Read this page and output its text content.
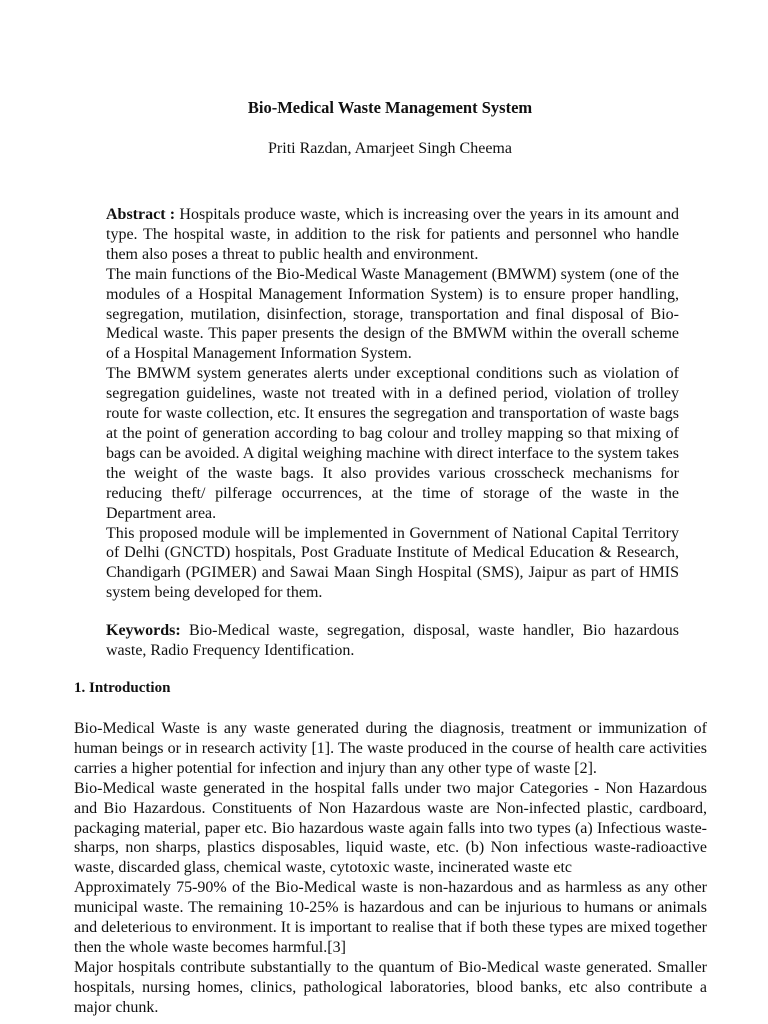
Bio-Medical Waste Management System

Priti Razdan, Amarjeet Singh Cheema

Abstract : Hospitals produce waste, which is increasing over the years in its amount and type. The hospital waste, in addition to the risk for patients and personnel who handle them also poses a threat to public health and environment.

The main functions of the Bio-Medical Waste Management (BMWM) system (one of the modules of a Hospital Management Information System) is to ensure proper handling, segregation, mutilation, disinfection, storage, transportation and final disposal of Bio-Medical waste. This paper presents the design of the BMWM within the overall scheme of a Hospital Management Information System.

The BMWM system generates alerts under exceptional conditions such as violation of segregation guidelines, waste not treated with in a defined period, violation of trolley route for waste collection, etc. It ensures the segregation and transportation of waste bags at the point of generation according to bag colour and trolley mapping so that mixing of bags can be avoided. A digital weighing machine with direct interface to the system takes the weight of the waste bags. It also provides various crosscheck mechanisms for reducing theft/ pilferage occurrences, at the time of storage of the waste in the Department area.

This proposed module will be implemented in Government of National Capital Territory of Delhi (GNCTD) hospitals, Post Graduate Institute of Medical Education & Research, Chandigarh (PGIMER) and Sawai Maan Singh Hospital (SMS), Jaipur as part of HMIS system being developed for them.

Keywords: Bio-Medical waste, segregation, disposal, waste handler, Bio hazardous waste, Radio Frequency Identification.

1. Introduction

Bio-Medical Waste is any waste generated during the diagnosis, treatment or immunization of human beings or in research activity [1]. The waste produced in the course of health care activities carries a higher potential for infection and injury than any other type of waste [2].

Bio-Medical waste generated in the hospital falls under two major Categories - Non Hazardous and Bio Hazardous. Constituents of Non Hazardous waste are Non-infected plastic, cardboard, packaging material, paper etc. Bio hazardous waste again falls into two types (a) Infectious waste- sharps, non sharps, plastics disposables, liquid waste, etc. (b) Non infectious waste-radioactive waste, discarded glass, chemical waste, cytotoxic waste, incinerated waste etc

Approximately 75-90% of the Bio-Medical waste is non-hazardous and as harmless as any other municipal waste. The remaining 10-25% is hazardous and can be injurious to humans or animals and deleterious to environment. It is important to realise that if both these types are mixed together then the whole waste becomes harmful.[3]

Major hospitals contribute substantially to the quantum of Bio-Medical waste generated. Smaller hospitals, nursing homes, clinics, pathological laboratories, blood banks, etc also contribute a major chunk.
